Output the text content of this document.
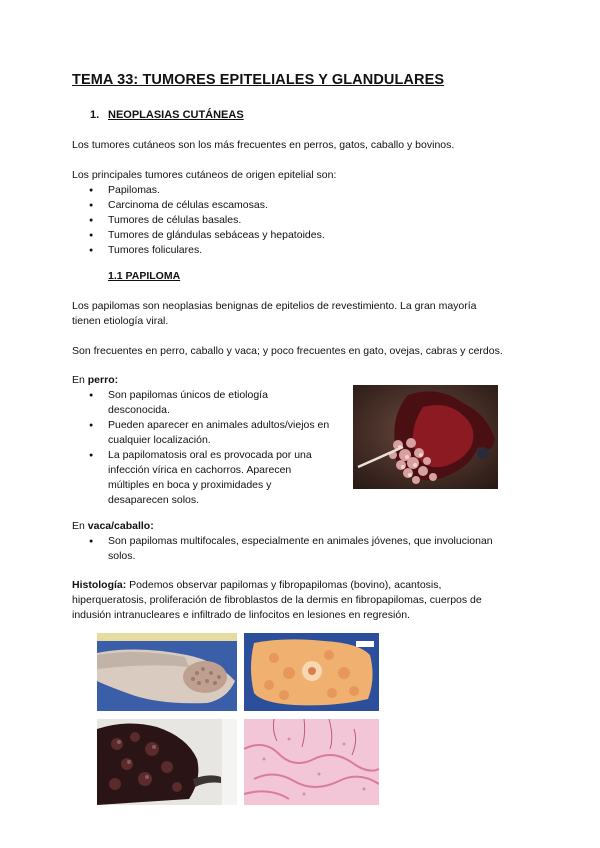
TEMA 33: TUMORES EPITELIALES Y GLANDULARES
1. NEOPLASIAS CUTÁNEAS
Los tumores cutáneos son los más frecuentes en perros, gatos, caballo y bovinos.
Los principales tumores cutáneos de origen epitelial son:
● Papilomas.
● Carcinoma de células escamosas.
● Tumores de células basales.
● Tumores de glándulas sebáceas y hepatoides.
● Tumores foliculares.
1.1 PAPILOMA
Los papilomas son neoplasias benignas de epitelios de revestimiento. La gran mayoría
tienen etiología viral.
Son frecuentes en perro, caballo y vaca; y poco frecuentes en gato, ovejas, cabras y cerdos.
En perro:
● Son papilomas únicos de etiología
desconocida.
● Pueden aparecer en animales adultos/viejos en
cualquier localización.
● La papilomatosis oral es provocada por una
infección vírica en cachorros. Aparecen
múltiples en boca y proximidades y
desaparecen solos.
En vaca/caballo:
● Son papilomas multifocales, especialmente en animales jóvenes, que involucionan
solos.
Histología: Podemos observar papilomas y fibropapilomas (bovino), acantosis,
hiperqueratosis, proliferación de fibroblastos de la dermis en fibropapilomas, cuerpos de
indusión intranucleares e infiltrado de linfocitos en lesiones en regresión.
